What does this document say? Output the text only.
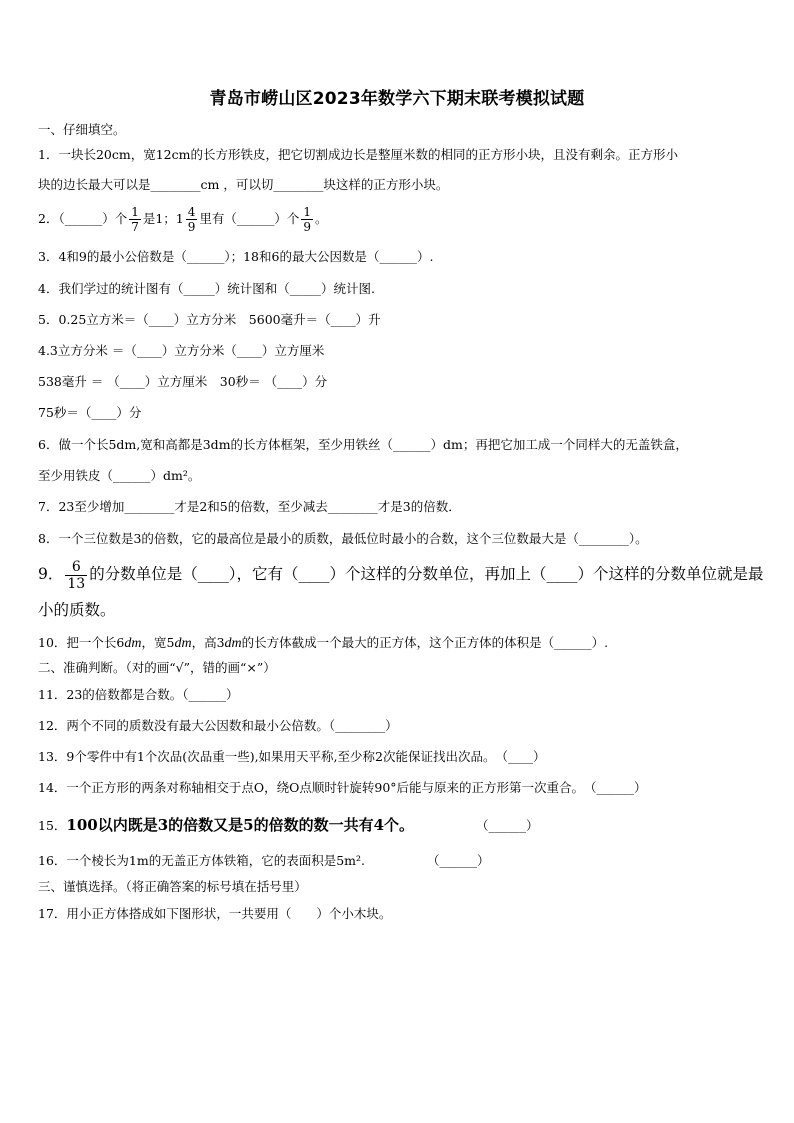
青岛市崂山区2023年数学六下期末联考模拟试题
一、仔细填空。
1．一块长20cm，宽12cm的长方形铁皮，把它切割成边长是整厘米数的相同的正方形小块，且没有剩余。正方形小
块的边长最大可以是________cm ，可以切________块这样的正方形小块。
2．（______）个 $\frac{1}{7}$ 是1；$1 \frac{4}{9}$ 里有（______）个 $\frac{1}{9}$ 。
3．4和9的最小公倍数是（______）；18和6的最大公因数是（______）.
4．我们学过的统计图有（_____）统计图和（_____）统计图.
5．0.25立方米＝（____）立方分米　5600毫升＝（____）升
4.3立方分米 ＝（____）立方分米（____）立方厘米
538毫升 ＝ （____）立方厘米　30秒＝ （____）分
75秒＝（____）分
6．做一个长5dm,宽和高都是3dm的长方体框架，至少用铁丝（______）dm；再把它加工成一个同样大的无盖铁盒，
至少用铁皮（______）dm²。
7．23至少增加________才是2和5的倍数，至少减去________才是3的倍数．
8．一个三位数是3的倍数，它的最高位是最小的质数，最低位时最小的合数，这个三位数最大是（________）。
9． $\frac{6}{13}$ 的分数单位是（____），它有（____）个这样的分数单位，再加上（____）个这样的分数单位就是最
小的质数。
10．把一个长6dm，宽5dm，高3dm的长方体截成一个最大的正方体，这个正方体的体积是（______）.
二、准确判断。（对的画“√”，错的画“×”）
11．23的倍数都是合数。（______）
12．两个不同的质数没有最大公因数和最小公倍数。（________）
13．9个零件中有1个次品(次品重一些),如果用天平称,至少称2次能保证找出次品。　（____）
14．一个正方形的两条对称轴相交于点O，绕O点顺时针旋转90°后能与原来的正方形第一次重合。　（______）
15．100以内既是3的倍数又是5的倍数的数一共有4个。	（______）
16．一个棱长为1m的无盖正方体铁箱，它的表面积是5m².	（______）
三、谨慎选择。（将正确答案的标号填在括号里）
17．用小正方体搭成如下图形状，一共要用（　　）个小木块。
